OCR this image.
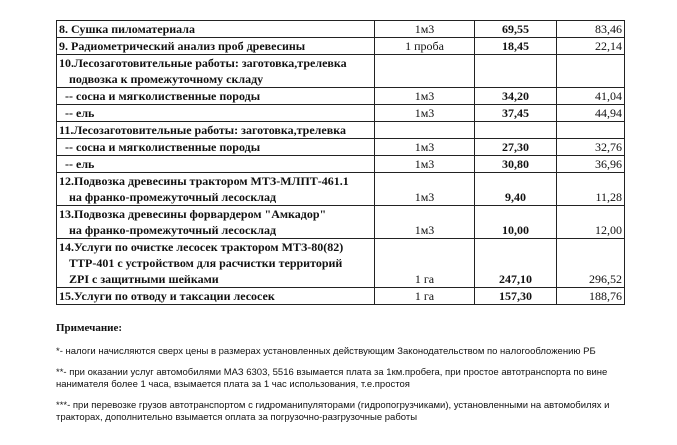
8. Сушка пиломатериала	1м3	69,55	83,46
9. Радиометрический анализ проб древесины	1 проба	18,45	22,14
10.Лесозаготовительные работы: заготовка,трелевка			
подвозка к промежуточному складу			
-- сосна и мягколиственные породы	1м3	34,20	41,04
-- ель	1м3	37,45	44,94
11.Лесозаготовительные работы: заготовка,трелевка			
-- сосна и мягколиственные породы	1м3	27,30	32,76
-- ель	1м3	30,80	36,96
12.Подвозка древесины трактором МТЗ-МЛПТ-461.1			
на франко-промежуточный лесосклад	1м3	9,40	11,28
13.Подвозка древесины форвардером "Амкадор"			
на франко-промежуточный лесосклад	1м3	10,00	12,00
14.Услуги по очистке лесосек трактором МТЗ-80(82)			
ТТР-401 с устройством для расчистки территорий			
ZPI с защитными шейками	1 га	247,10	296,52
15.Услуги по отводу и таксации лесосек	1 га	157,30	188,76
Примечание:

*- налоги начисляются сверх цены в размерах установленных действующим Законодательством по налогообложению РБ

**- при оказании услуг автомобилями МАЗ 6303, 5516 взымается плата за 1км.пробега, при простое автотранспорта по вине нанимателя более 1 часа, взымается плата за 1 час использования, т.е.простоя

***- при перевозке грузов автотранспортом с гидроманипуляторами (гидропогрузчиками), установленными на автомобилях и тракторах, дополнительно взымается оплата за погрузочно-разгрузочные работы
